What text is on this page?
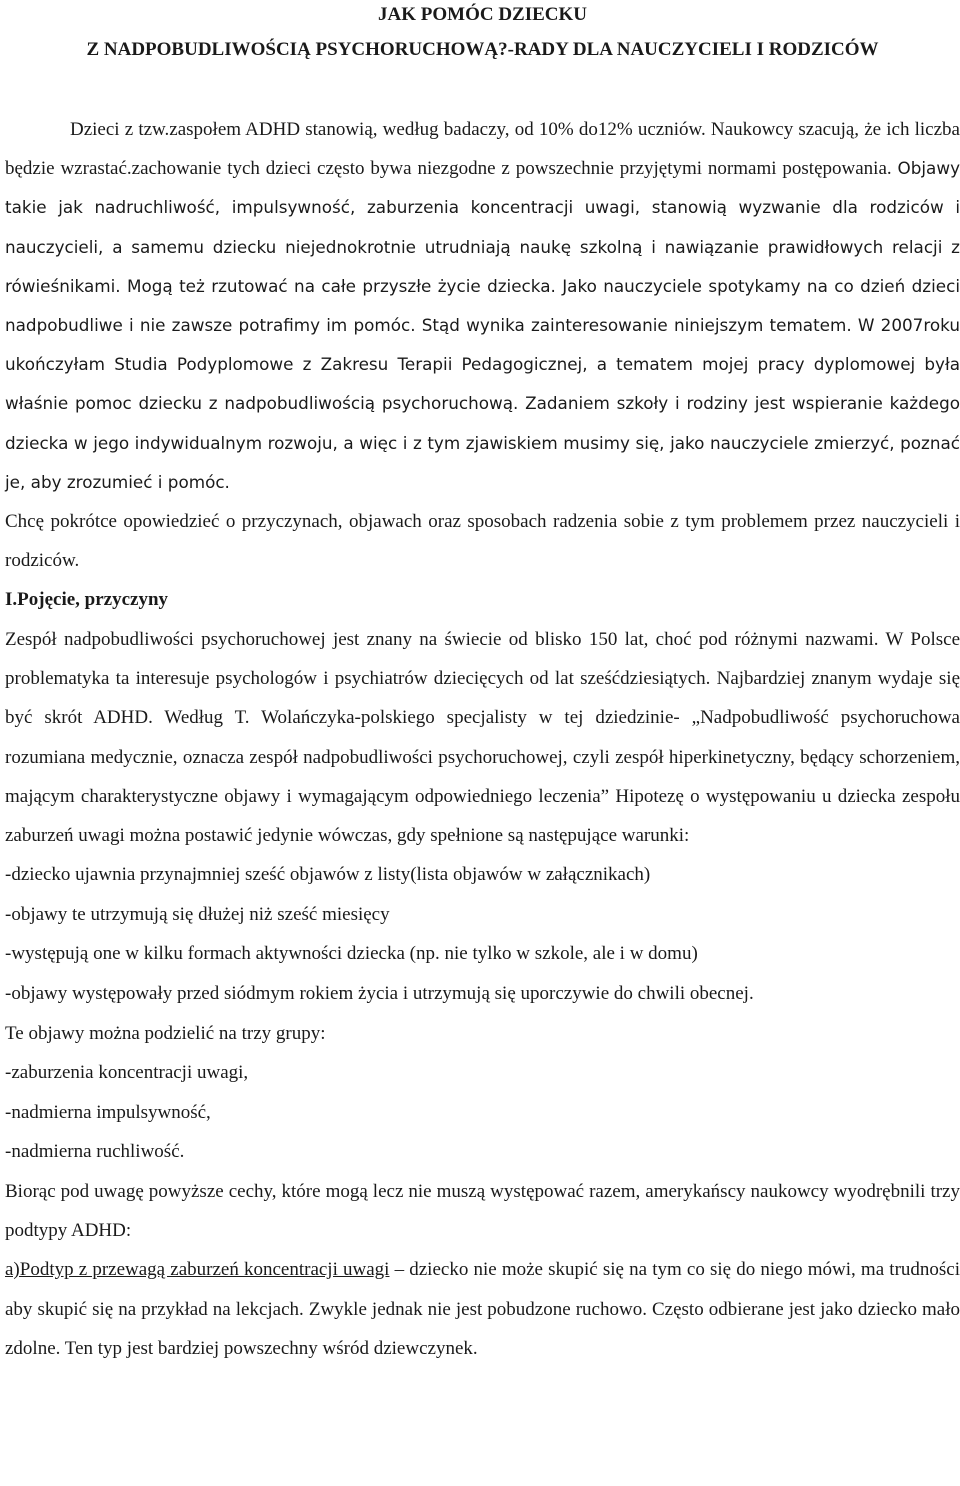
JAK POMÓC DZIECKU
Z NADPOBUDLIWOŚCIĄ PSYCHORUCHOWĄ?-RADY DLA NAUCZYCIELI I RODZICÓW

Dzieci z tzw.zaspołem ADHD stanowią, według badaczy, od 10% do12% uczniów. Naukowcy szacują, że ich liczba będzie wzrastać.zachowanie tych dzieci często bywa niezgodne z powszechnie przyjętymi normami postępowania. Objawy takie jak nadruchliwość, impulsywność, zaburzenia koncentracji uwagi, stanowią wyzwanie dla rodziców i nauczycieli, a samemu dziecku niejednokrotnie utrudniają naukę szkolną i nawiązanie prawidłowych relacji z rówieśnikami. Mogą też rzutować na całe przyszłe życie dziecka. Jako nauczyciele spotykamy na co dzień dzieci nadpobudliwe i nie zawsze potrafimy im pomóc. Stąd wynika zainteresowanie niniejszym tematem. W 2007roku ukończyłam Studia Podyplomowe z Zakresu Terapii Pedagogicznej, a tematem mojej pracy dyplomowej była właśnie pomoc dziecku z nadpobudliwością psychoruchową. Zadaniem szkoły i rodziny jest wspieranie każdego dziecka w jego indywidualnym rozwoju, a więc i z tym zjawiskiem musimy się, jako nauczyciele zmierzyć, poznać je, aby zrozumieć i pomóc.

Chcę pokrótce opowiedzieć o przyczynach, objawach oraz sposobach radzenia sobie z tym problemem przez nauczycieli i rodziców.

I.Pojęcie, przyczyny

Zespół nadpobudliwości psychoruchowej jest znany na świecie od blisko 150 lat, choć pod różnymi nazwami. W Polsce problematyka ta interesuje psychologów i psychiatrów dziecięcych od lat sześćdziesiątych. Najbardziej znanym wydaje się być skrót ADHD. Według T. Wolańczyka-polskiego specjalisty w tej dziedzinie- „Nadpobudliwość psychoruchowa rozumiana medycznie, oznacza zespół nadpobudliwości psychoruchowej, czyli zespół hiperkinetyczny, będący schorzeniem, mającym charakterystyczne objawy i wymagającym odpowiedniego leczenia” Hipotezę o występowaniu u dziecka zespołu zaburzeń uwagi można postawić jedynie wówczas, gdy spełnione są następujące warunki:

-dziecko ujawnia przynajmniej sześć objawów z listy(lista objawów w załącznikach)

-objawy te utrzymują się dłużej niż sześć miesięcy

-występują one w kilku formach aktywności dziecka (np. nie tylko w szkole, ale i w domu)

-objawy występowały przed siódmym rokiem życia i utrzymują się uporczywie do chwili obecnej.

Te objawy można podzielić na trzy grupy:

-zaburzenia koncentracji uwagi,

-nadmierna impulsywność,

-nadmierna ruchliwość.

Biorąc pod uwagę powyższe cechy, które mogą lecz nie muszą występować razem, amerykańscy naukowcy wyodrębnili trzy podtypy ADHD:

a)Podtyp z przewagą zaburzeń koncentracji uwagi – dziecko nie może skupić się na tym co się do niego mówi, ma trudności aby skupić się na przykład na lekcjach. Zwykle jednak nie jest pobudzone ruchowo. Często odbierane jest jako dziecko mało zdolne. Ten typ jest bardziej powszechny wśród dziewczynek.
